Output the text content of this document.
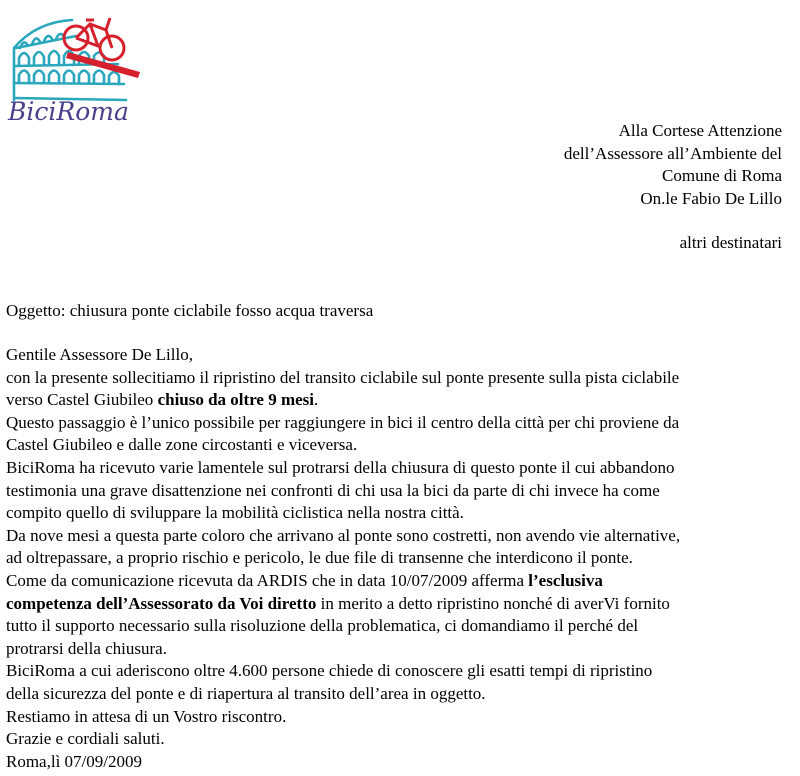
BiciRoma
Alla Cortese Attenzione
dell’Assessore all’Ambiente del
Comune di Roma
On.le Fabio De Lillo
altri destinatari
Oggetto: chiusura ponte ciclabile fosso acqua traversa
Gentile Assessore De Lillo,
con la presente sollecitiamo il ripristino del transito ciclabile sul ponte presente sulla pista ciclabile
verso Castel Giubileo chiuso da oltre 9 mesi.
Questo passaggio è l’unico possibile per raggiungere in bici il centro della città per chi proviene da
Castel Giubileo e dalle zone circostanti e viceversa.
BiciRoma ha ricevuto varie lamentele sul protrarsi della chiusura di questo ponte il cui abbandono
testimonia una grave disattenzione nei confronti di chi usa la bici da parte di chi invece ha come
compito quello di sviluppare la mobilità ciclistica nella nostra città.
Da nove mesi a questa parte coloro che arrivano al ponte sono costretti, non avendo vie alternative,
ad oltrepassare, a proprio rischio e pericolo, le due file di transenne che interdicono il ponte.
Come da comunicazione ricevuta da ARDIS che in data 10/07/2009 afferma l’esclusiva
competenza dell’Assessorato da Voi diretto in merito a detto ripristino nonché di averVi fornito
tutto il supporto necessario sulla risoluzione della problematica, ci domandiamo il perché del
protrarsi della chiusura.
BiciRoma a cui aderiscono oltre 4.600 persone chiede di conoscere gli esatti tempi di ripristino
della sicurezza del ponte e di riapertura al transito dell’area in oggetto.
Restiamo in attesa di un Vostro riscontro.
Grazie e cordiali saluti.
Roma,lì 07/09/2009
